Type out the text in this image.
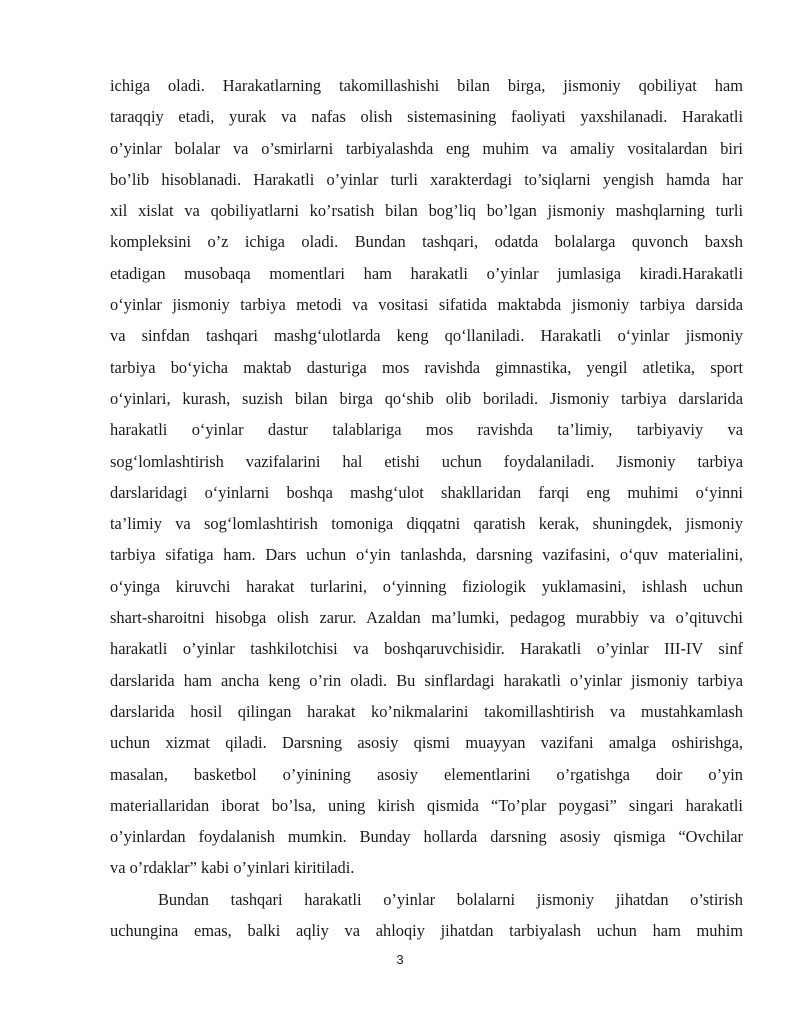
ichiga oladi. Harakatlarning takomillashishi bilan birga, jismoniy qobiliyat ham
taraqqiy etadi, yurak va nafas olish sistemasining faoliyati yaxshilanadi. Harakatli
o’yinlar bolalar va o’smirlarni tarbiyalashda eng muhim va amaliy vositalardan biri
bo’lib hisoblanadi. Harakatli o’yinlar turli xarakterdagi to’siqlarni yengish hamda har
xil xislat va qobiliyatlarni ko’rsatish bilan bog’liq bo’lgan jismoniy mashqlarning turli
kompleksini o’z ichiga oladi. Bundan tashqari, odatda bolalarga quvonch baxsh
etadigan musobaqa momentlari ham harakatli o’yinlar jumlasiga kiradi.Harakatli
o‘yinlar jismoniy tarbiya metodi va vositasi sifatida maktabda jismoniy tarbiya darsida
va sinfdan tashqari mashg‘ulotlarda keng qo‘llaniladi. Harakatli o‘yinlar jismoniy
tarbiya bo‘yicha maktab dasturiga mos ravishda gimnastika, yengil atletika, sport
o‘yinlari, kurash, suzish bilan birga qo‘shib olib boriladi. Jismoniy tarbiya darslarida
harakatli o‘yinlar dastur talablariga mos ravishda ta’limiy, tarbiyaviy va
sog‘lomlashtirish vazifalarini hal etishi uchun foydalaniladi. Jismoniy tarbiya
darslaridagi o‘yinlarni boshqa mashg‘ulot shakllaridan farqi eng muhimi o‘yinni
ta’limiy va sog‘lomlashtirish tomoniga diqqatni qaratish kerak, shuningdek, jismoniy
tarbiya sifatiga ham. Dars uchun o‘yin tanlashda, darsning vazifasini, o‘quv materialini,
o‘yinga kiruvchi harakat turlarini, o‘yinning fiziologik yuklamasini, ishlash uchun
shart-sharoitni hisobga olish zarur. Azaldan ma’lumki, pedagog murabbiy va o’qituvchi
harakatli o’yinlar tashkilotchisi va boshqaruvchisidir. Harakatli o’yinlar III-IV sinf
darslarida ham ancha keng o’rin oladi. Bu sinflardagi harakatli o’yinlar jismoniy tarbiya
darslarida hosil qilingan harakat ko’nikmalarini takomillashtirish va mustahkamlash
uchun xizmat qiladi. Darsning asosiy qismi muayyan vazifani amalga oshirishga,
masalan, basketbol o’yinining asosiy elementlarini o’rgatishga doir o’yin
materiallaridan iborat bo’lsa, uning kirish qismida “To’plar poygasi” singari harakatli
o’yinlardan foydalanish mumkin. Bunday hollarda darsning asosiy qismiga “Ovchilar
va o’rdaklar” kabi o’yinlari kiritiladi.
Bundan tashqari harakatli o’yinlar bolalarni jismoniy jihatdan o’stirish
uchungina emas, balki aqliy va ahloqiy jihatdan tarbiyalash uchun ham muhim
3
